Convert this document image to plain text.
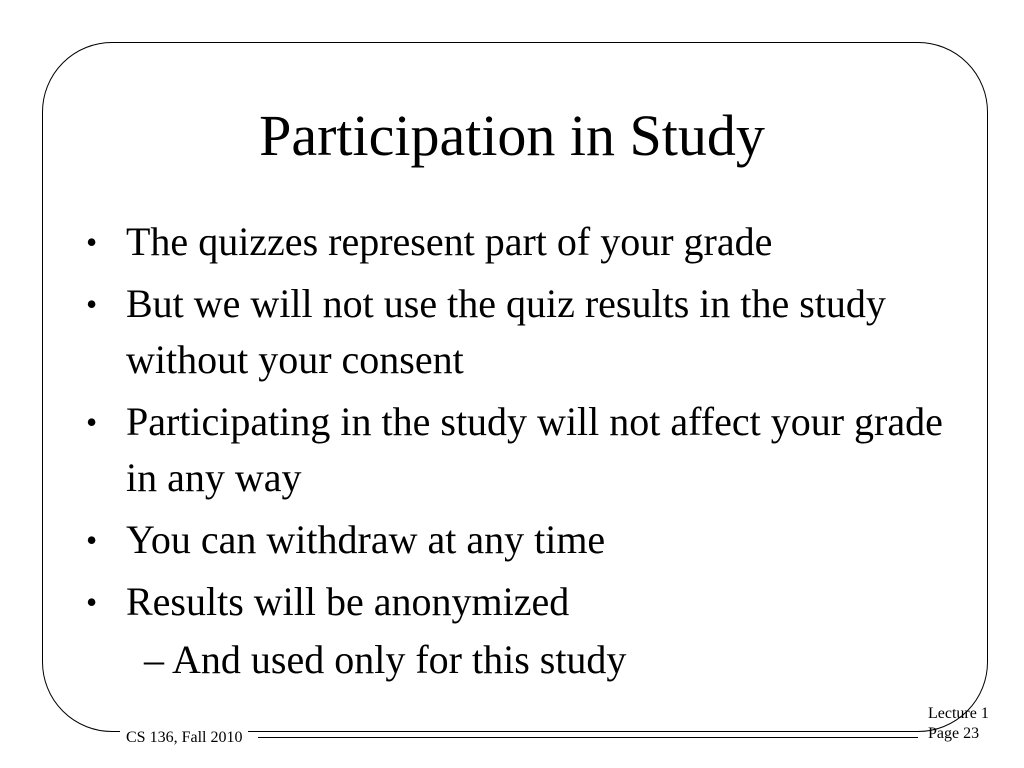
Participation in Study
• The quizzes represent part of your grade
• But we will not use the quiz results in the study without your consent
• Participating in the study will not affect your grade in any way
• You can withdraw at any time
• Results will be anonymized
– And used only for this study
CS 136, Fall 2010
Lecture 1
Page 23
